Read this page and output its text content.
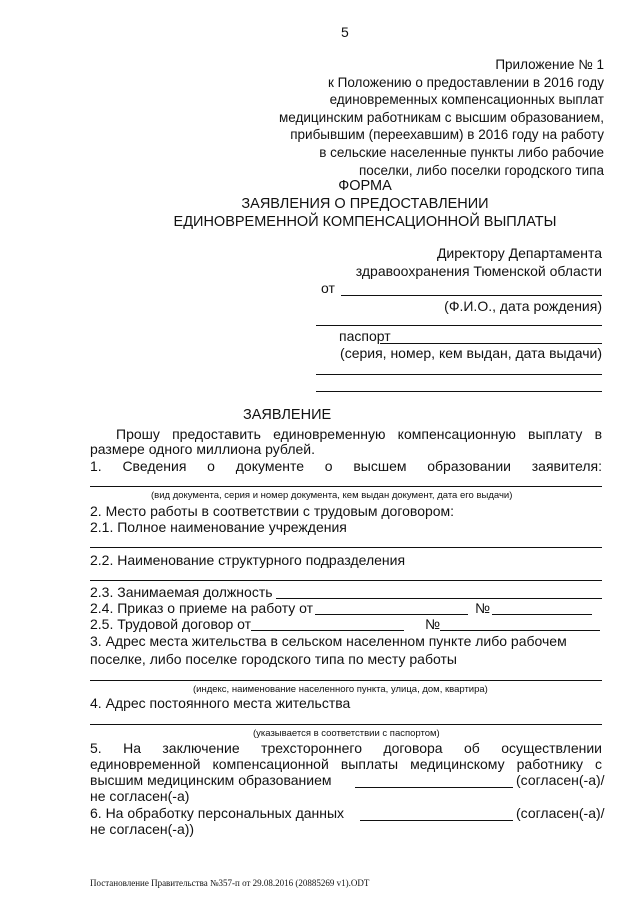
5
Приложение № 1
к Положению о предоставлении в 2016 году
единовременных компенсационных выплат
медицинским работникам с высшим образованием,
прибывшим (переехавшим) в 2016 году на работу
в сельские населенные пункты либо рабочие
поселки, либо поселки городского типа
ФОРМА
ЗАЯВЛЕНИЯ О ПРЕДОСТАВЛЕНИИ
ЕДИНОВРЕМЕННОЙ КОМПЕНСАЦИОННОЙ ВЫПЛАТЫ
Директору Департамента
здравоохранения Тюменской области
от
(Ф.И.О., дата рождения)
паспорт
(серия, номер, кем выдан, дата выдачи)
ЗАЯВЛЕНИЕ
Прошу предоставить единовременную компенсационную выплату в
размере одного миллиона рублей.
1. Сведения о документе о высшем образовании заявителя:
(вид документа, серия и номер документа, кем выдан документ, дата его выдачи)
2. Место работы в соответствии с трудовым договором:
2.1. Полное наименование учреждения
2.2. Наименование структурного подразделения
2.3. Занимаемая должность
2.4. Приказ о приеме на работу от	№
2.5. Трудовой договор от	№
3. Адрес места жительства в сельском населенном пункте либо рабочем
поселке, либо поселке городского типа по месту работы
(индекс, наименование населенного пункта, улица, дом, квартира)
4. Адрес постоянного места жительства
(указывается в соответствии с паспортом)
5. На заключение трехстороннего договора об осуществлении
единовременной компенсационной выплаты медицинскому работнику с
высшим медицинским образованием	(согласен(-а)/
не согласен(-а)
6. На обработку персональных данных	(согласен(-а)/
не согласен(-а))
Постановление Правительства №357-п от 29.08.2016 (20885269 v1).ODT
